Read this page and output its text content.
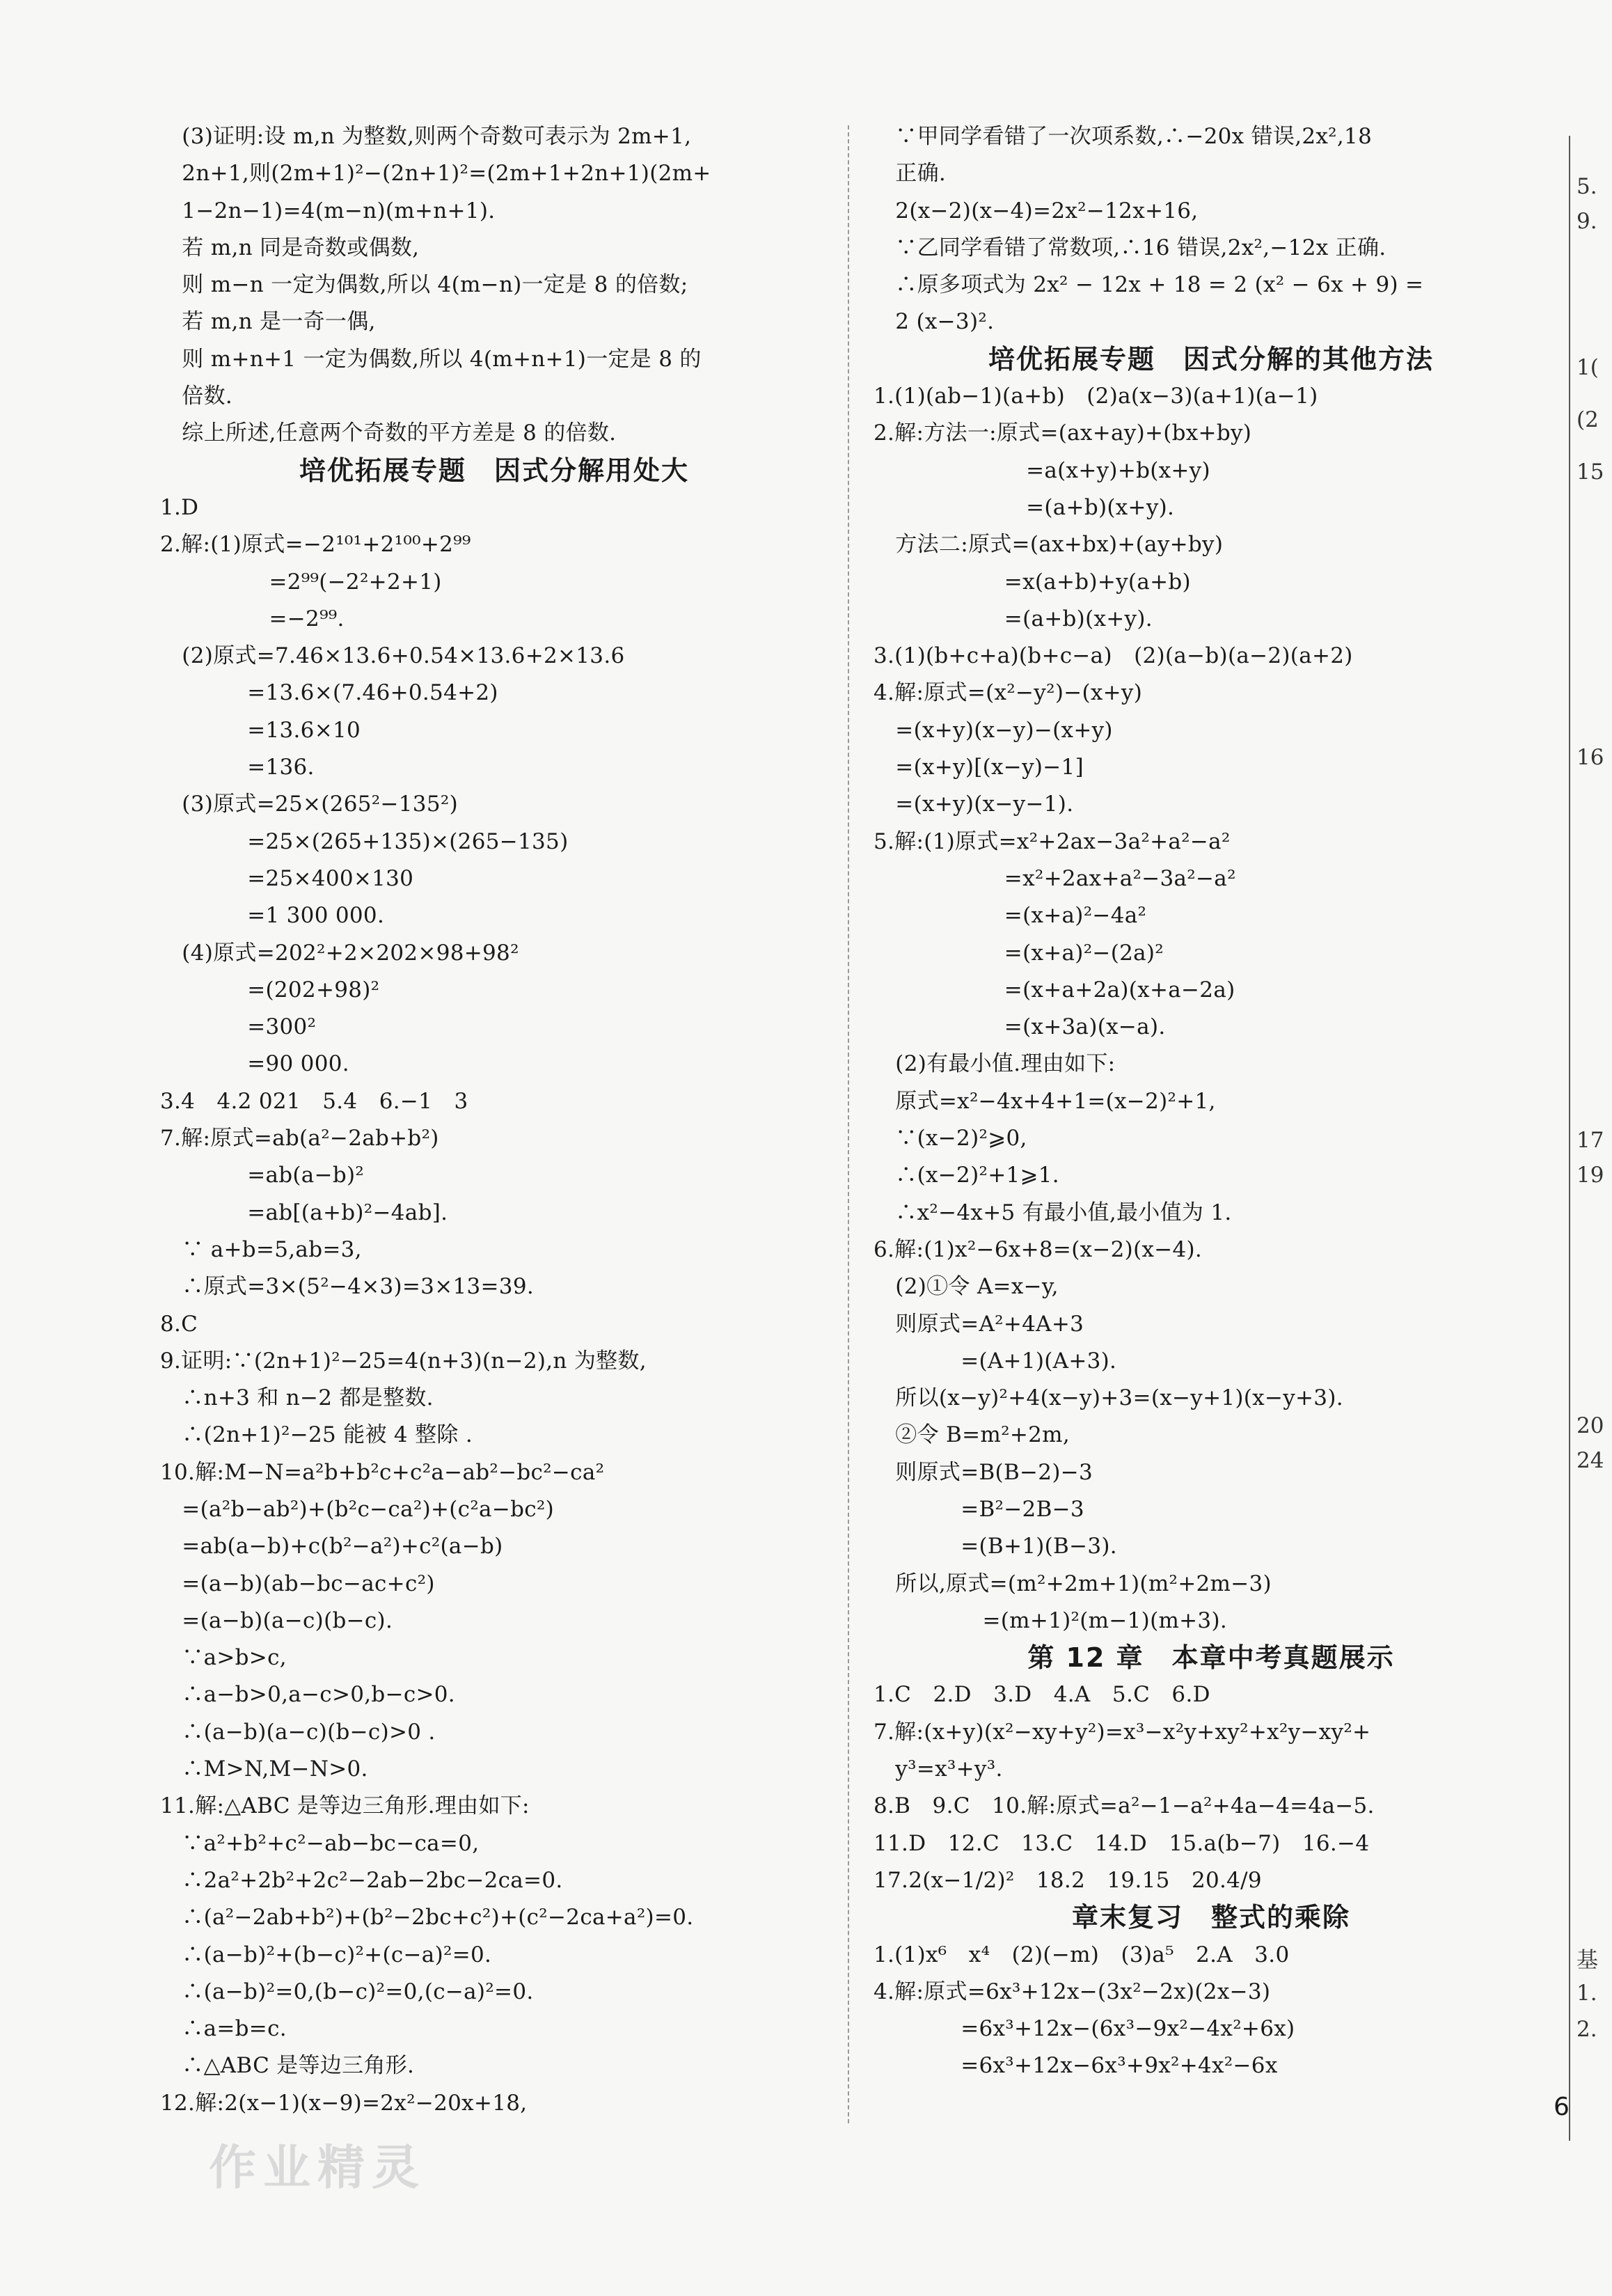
　(3)证明:设 m,n 为整数,则两个奇数可表示为 2m+1,
　2n+1,则(2m+1)²−(2n+1)²=(2m+1+2n+1)(2m+
　1−2n−1)=4(m−n)(m+n+1).
　若 m,n 同是奇数或偶数,
　则 m−n 一定为偶数,所以 4(m−n)一定是 8 的倍数;
　若 m,n 是一奇一偶,
　则 m+n+1 一定为偶数,所以 4(m+n+1)一定是 8 的
　倍数.
　综上所述,任意两个奇数的平方差是 8 的倍数.
培优拓展专题　因式分解用处大
1.D
2.解:(1)原式=−2¹⁰¹+2¹⁰⁰+2⁹⁹
　　　　　=2⁹⁹(−2²+2+1)
　　　　　=−2⁹⁹.
　(2)原式=7.46×13.6+0.54×13.6+2×13.6
　　　　=13.6×(7.46+0.54+2)
　　　　=13.6×10
　　　　=136.
　(3)原式=25×(265²−135²)
　　　　=25×(265+135)×(265−135)
　　　　=25×400×130
　　　　=1 300 000.
　(4)原式=202²+2×202×98+98²
　　　　=(202+98)²
　　　　=300²
　　　　=90 000.
3.4　4.2 021　5.4　6.−1　3
7.解:原式=ab(a²−2ab+b²)
　　　　=ab(a−b)²
　　　　=ab[(a+b)²−4ab].
　∵ a+b=5,ab=3,
　∴原式=3×(5²−4×3)=3×13=39.
8.C
9.证明:∵(2n+1)²−25=4(n+3)(n−2),n 为整数,
　∴n+3 和 n−2 都是整数.
　∴(2n+1)²−25 能被 4 整除 .
10.解:M−N=a²b+b²c+c²a−ab²−bc²−ca²
　=(a²b−ab²)+(b²c−ca²)+(c²a−bc²)
　=ab(a−b)+c(b²−a²)+c²(a−b)
　=(a−b)(ab−bc−ac+c²)
　=(a−b)(a−c)(b−c).
　∵a>b>c,
　∴a−b>0,a−c>0,b−c>0.
　∴(a−b)(a−c)(b−c)>0 .
　∴M>N,M−N>0.
11.解:△ABC 是等边三角形.理由如下:
　∵a²+b²+c²−ab−bc−ca=0,
　∴2a²+2b²+2c²−2ab−2bc−2ca=0.
　∴(a²−2ab+b²)+(b²−2bc+c²)+(c²−2ca+a²)=0.
　∴(a−b)²+(b−c)²+(c−a)²=0.
　∴(a−b)²=0,(b−c)²=0,(c−a)²=0.
　∴a=b=c.
　∴△ABC 是等边三角形.
12.解:2(x−1)(x−9)=2x²−20x+18,
　∵甲同学看错了一次项系数,∴−20x 错误,2x²,18
　正确.
　2(x−2)(x−4)=2x²−12x+16,
　∵乙同学看错了常数项,∴16 错误,2x²,−12x 正确.
　∴原多项式为 2x² − 12x + 18 = 2 (x² − 6x + 9) =
　2 (x−3)².
培优拓展专题　因式分解的其他方法
1.(1)(ab−1)(a+b)　(2)a(x−3)(a+1)(a−1)
2.解:方法一:原式=(ax+ay)+(bx+by)
　　　　　　　=a(x+y)+b(x+y)
　　　　　　　=(a+b)(x+y).
　方法二:原式=(ax+bx)+(ay+by)
　　　　　　=x(a+b)+y(a+b)
　　　　　　=(a+b)(x+y).
3.(1)(b+c+a)(b+c−a)　(2)(a−b)(a−2)(a+2)
4.解:原式=(x²−y²)−(x+y)
　=(x+y)(x−y)−(x+y)
　=(x+y)[(x−y)−1]
　=(x+y)(x−y−1).
5.解:(1)原式=x²+2ax−3a²+a²−a²
　　　　　　=x²+2ax+a²−3a²−a²
　　　　　　=(x+a)²−4a²
　　　　　　=(x+a)²−(2a)²
　　　　　　=(x+a+2a)(x+a−2a)
　　　　　　=(x+3a)(x−a).
　(2)有最小值.理由如下:
　原式=x²−4x+4+1=(x−2)²+1,
　∵(x−2)²⩾0,
　∴(x−2)²+1⩾1.
　∴x²−4x+5 有最小值,最小值为 1.
6.解:(1)x²−6x+8=(x−2)(x−4).
　(2)①令 A=x−y,
　则原式=A²+4A+3
　　　　=(A+1)(A+3).
　所以(x−y)²+4(x−y)+3=(x−y+1)(x−y+3).
　②令 B=m²+2m,
　则原式=B(B−2)−3
　　　　=B²−2B−3
　　　　=(B+1)(B−3).
　所以,原式=(m²+2m+1)(m²+2m−3)
　　　　　=(m+1)²(m−1)(m+3).
第 12 章　本章中考真题展示
1.C　2.D　3.D　4.A　5.C　6.D
7.解:(x+y)(x²−xy+y²)=x³−x²y+xy²+x²y−xy²+
　y³=x³+y³.
8.B　9.C　10.解:原式=a²−1−a²+4a−4=4a−5.
11.D　12.C　13.C　14.D　15.a(b−7)　16.−4
17.2(x−1/2)²　18.2　19.15　20.4/9
章末复习　整式的乘除
1.(1)x⁶　x⁴　(2)(−m)　(3)a⁵　2.A　3.0
4.解:原式=6x³+12x−(3x²−2x)(2x−3)
　　　　=6x³+12x−(6x³−9x²−4x²+6x)
　　　　=6x³+12x−6x³+9x²+4x²−6x
5.
9.
1(
(2
15
16
17
19
20
24
基
1.
2.
6
作业精灵
